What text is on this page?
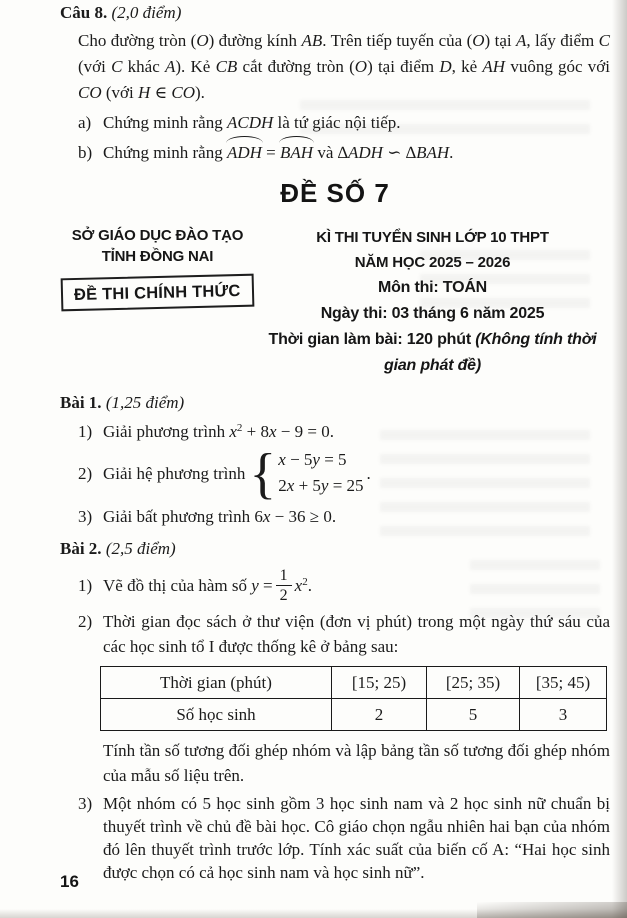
Câu 8. (2,0 điểm)

Cho đường tròn (O) đường kính AB. Trên tiếp tuyến của (O) tại A, lấy điểm C (với C khác A). Kẻ CB cắt đường tròn (O) tại điểm D, kẻ AH vuông góc với CO (với H ∈ CO).

a) Chứng minh rằng ACDH là tứ giác nội tiếp.
b) Chứng minh rằng ADH = BAH và ∆ADH ∽ ∆BAH.
ĐỀ SỐ 7
SỞ GIÁO DỤC ĐÀO TẠO
TỈNH ĐỒNG NAI
ĐỀ THI CHÍNH THỨC
KÌ THI TUYỂN SINH LỚP 10 THPT
NĂM HỌC 2025 – 2026
Môn thi: TOÁN
Ngày thi: 03 tháng 6 năm 2025
Thời gian làm bài: 120 phút (Không tính thời gian phát đề)
Bài 1. (1,25 điểm)
1) Giải phương trình $x^2 + 8x - 9 = 0$.
2) Giải hệ phương trình { x − 5y = 5
2x + 5y = 25
.
3) Giải bất phương trình 6x − 36 ≥ 0.
Bài 2. (2,5 điểm)
1) Vẽ đồ thị của hàm số $y = \frac{1}{2} x^2$.
2) Thời gian đọc sách ở thư viện (đơn vị phút) trong một ngày thứ sáu của các học sinh tổ I được thống kê ở bảng sau:
Thời gian (phút)	[15; 25)	[25; 35)	[35; 45)
Số học sinh	2	5	3

Tính tần số tương đối ghép nhóm và lập bảng tần số tương đối ghép nhóm của mẫu số liệu trên.

3) Một nhóm có 5 học sinh gồm 3 học sinh nam và 2 học sinh nữ chuẩn bị thuyết trình về chủ đề bài học. Cô giáo chọn ngẫu nhiên hai bạn của nhóm đó lên thuyết trình trước lớp. Tính xác suất của biến cố A: “Hai học sinh được chọn có cả học sinh nam và học sinh nữ”.
16
